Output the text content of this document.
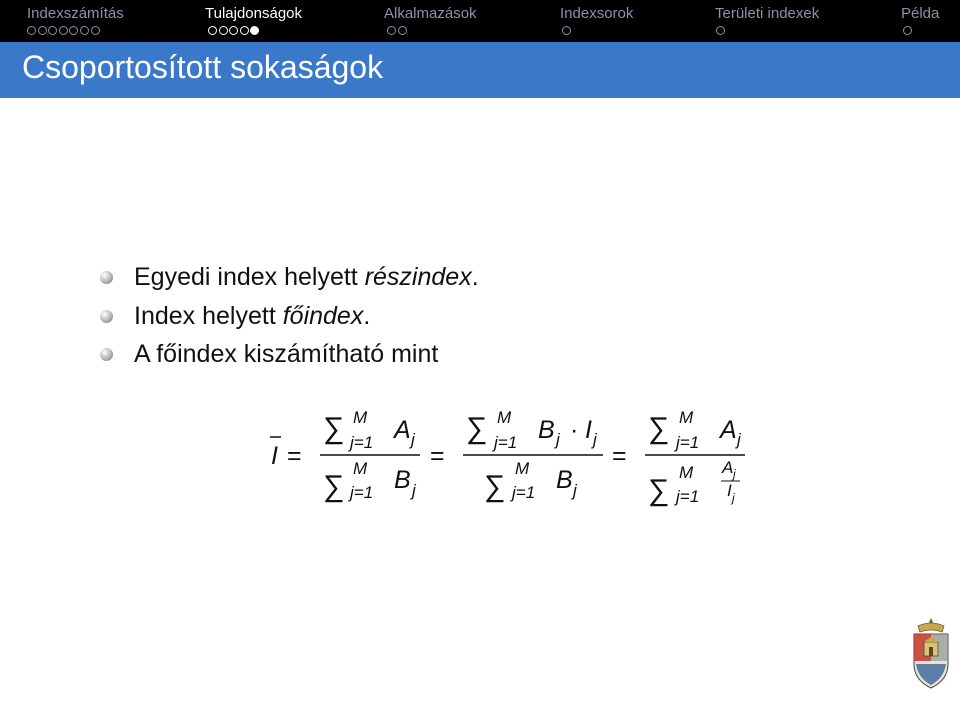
Indexszámítás	Tulajdonságok	Alkalmazások	Indexsorok	Területi indexek	Példa
Csoportosított sokaságok
Egyedi index helyett részindex.
Index helyett főindex.
A főindex kiszámítható mint
I =
∑ M
j=1 A j
∑
M
j=1 B j
=
∑ M
j=1 B j · I j
∑
M
j=1 B j
=
∑ M
j=1 A j
∑
M
j=1
A j
I j
